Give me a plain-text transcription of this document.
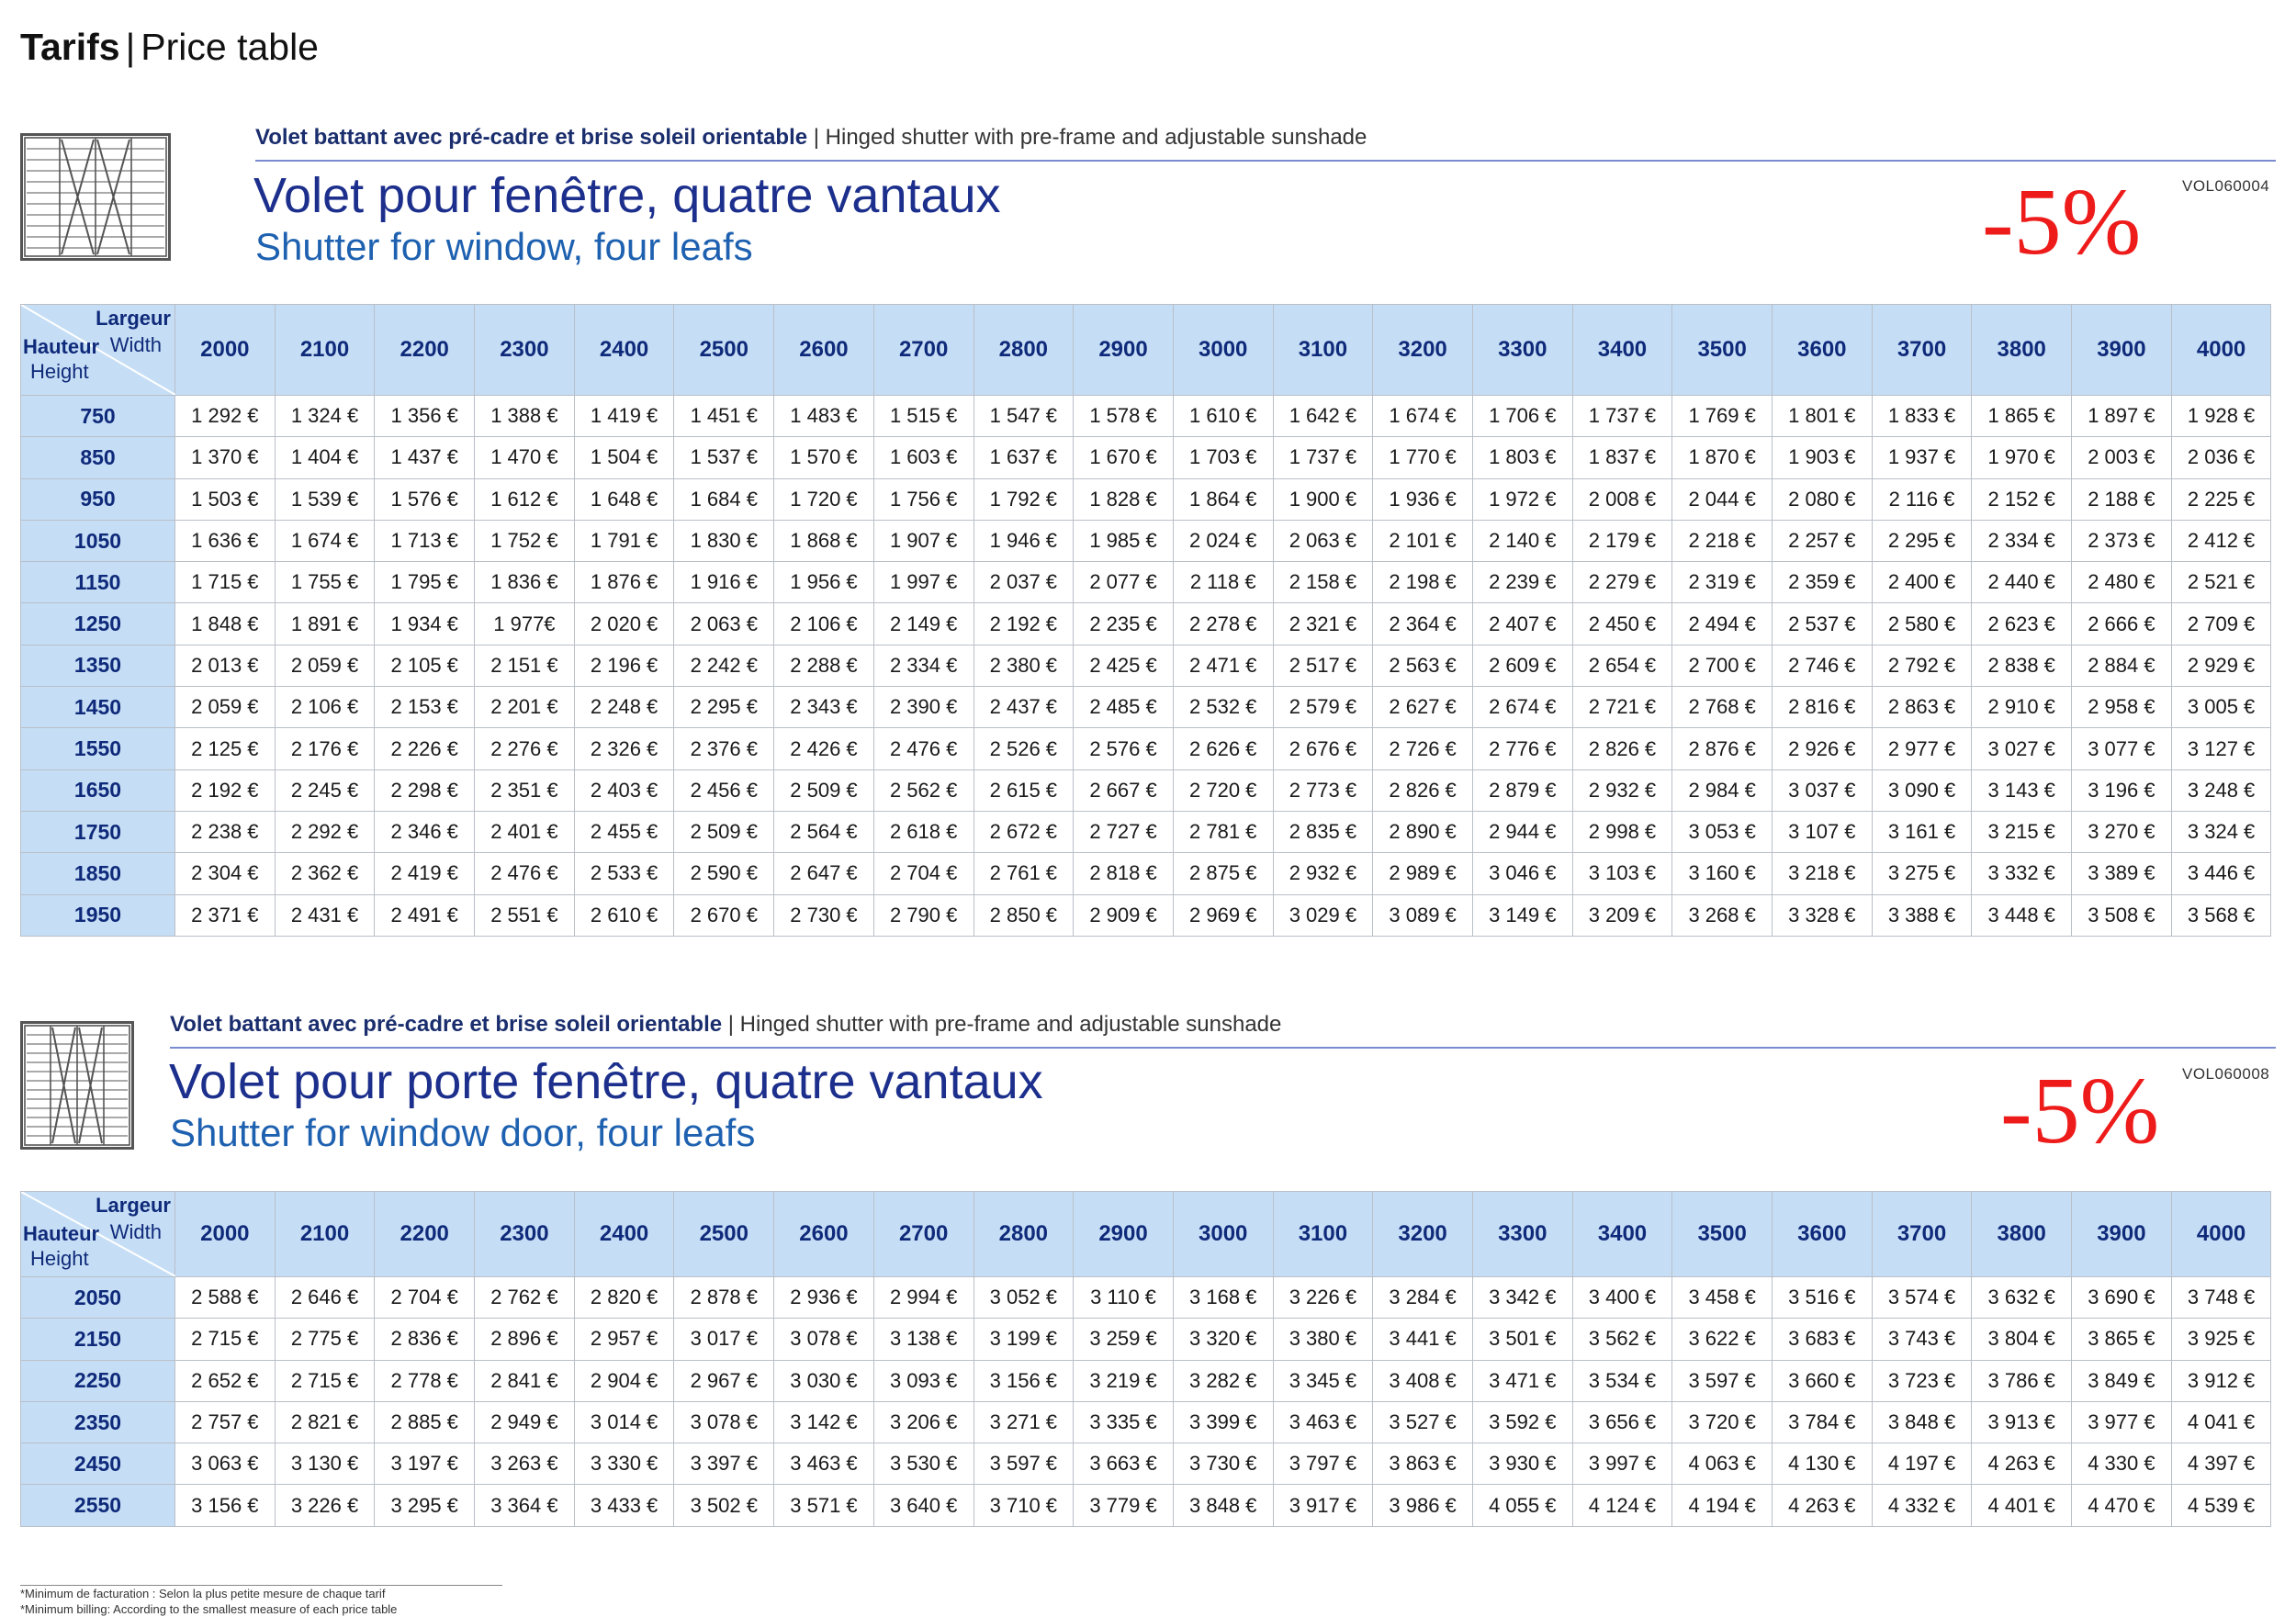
Tarifs | Price table
Volet battant avec pré-cadre et brise soleil orientable | Hinged shutter with pre-frame and adjustable sunshade
Volet pour fenêtre, quatre vantaux
Shutter for window, four leafs
VOL060004
-5%
Largeur
Width
Hauteur
Height	2000	2100	2200	2300	2400	2500	2600	2700	2800	2900	3000	3100	3200	3300	3400	3500	3600	3700	3800	3900	4000
750	1 292 €	1 324 €	1 356 €	1 388 €	1 419 €	1 451 €	1 483 €	1 515 €	1 547 €	1 578 €	1 610 €	1 642 €	1 674 €	1 706 €	1 737 €	1 769 €	1 801 €	1 833 €	1 865 €	1 897 €	1 928 €
850	1 370 €	1 404 €	1 437 €	1 470 €	1 504 €	1 537 €	1 570 €	1 603 €	1 637 €	1 670 €	1 703 €	1 737 €	1 770 €	1 803 €	1 837 €	1 870 €	1 903 €	1 937 €	1 970 €	2 003 €	2 036 €
950	1 503 €	1 539 €	1 576 €	1 612 €	1 648 €	1 684 €	1 720 €	1 756 €	1 792 €	1 828 €	1 864 €	1 900 €	1 936 €	1 972 €	2 008 €	2 044 €	2 080 €	2 116 €	2 152 €	2 188 €	2 225 €
1050	1 636 €	1 674 €	1 713 €	1 752 €	1 791 €	1 830 €	1 868 €	1 907 €	1 946 €	1 985 €	2 024 €	2 063 €	2 101 €	2 140 €	2 179 €	2 218 €	2 257 €	2 295 €	2 334 €	2 373 €	2 412 €
1150	1 715 €	1 755 €	1 795 €	1 836 €	1 876 €	1 916 €	1 956 €	1 997 €	2 037 €	2 077 €	2 118 €	2 158 €	2 198 €	2 239 €	2 279 €	2 319 €	2 359 €	2 400 €	2 440 €	2 480 €	2 521 €
1250	1 848 €	1 891 €	1 934 €	1 977€	2 020 €	2 063 €	2 106 €	2 149 €	2 192 €	2 235 €	2 278 €	2 321 €	2 364 €	2 407 €	2 450 €	2 494 €	2 537 €	2 580 €	2 623 €	2 666 €	2 709 €
1350	2 013 €	2 059 €	2 105 €	2 151 €	2 196 €	2 242 €	2 288 €	2 334 €	2 380 €	2 425 €	2 471 €	2 517 €	2 563 €	2 609 €	2 654 €	2 700 €	2 746 €	2 792 €	2 838 €	2 884 €	2 929 €
1450	2 059 €	2 106 €	2 153 €	2 201 €	2 248 €	2 295 €	2 343 €	2 390 €	2 437 €	2 485 €	2 532 €	2 579 €	2 627 €	2 674 €	2 721 €	2 768 €	2 816 €	2 863 €	2 910 €	2 958 €	3 005 €
1550	2 125 €	2 176 €	2 226 €	2 276 €	2 326 €	2 376 €	2 426 €	2 476 €	2 526 €	2 576 €	2 626 €	2 676 €	2 726 €	2 776 €	2 826 €	2 876 €	2 926 €	2 977 €	3 027 €	3 077 €	3 127 €
1650	2 192 €	2 245 €	2 298 €	2 351 €	2 403 €	2 456 €	2 509 €	2 562 €	2 615 €	2 667 €	2 720 €	2 773 €	2 826 €	2 879 €	2 932 €	2 984 €	3 037 €	3 090 €	3 143 €	3 196 €	3 248 €
1750	2 238 €	2 292 €	2 346 €	2 401 €	2 455 €	2 509 €	2 564 €	2 618 €	2 672 €	2 727 €	2 781 €	2 835 €	2 890 €	2 944 €	2 998 €	3 053 €	3 107 €	3 161 €	3 215 €	3 270 €	3 324 €
1850	2 304 €	2 362 €	2 419 €	2 476 €	2 533 €	2 590 €	2 647 €	2 704 €	2 761 €	2 818 €	2 875 €	2 932 €	2 989 €	3 046 €	3 103 €	3 160 €	3 218 €	3 275 €	3 332 €	3 389 €	3 446 €
1950	2 371 €	2 431 €	2 491 €	2 551 €	2 610 €	2 670 €	2 730 €	2 790 €	2 850 €	2 909 €	2 969 €	3 029 €	3 089 €	3 149 €	3 209 €	3 268 €	3 328 €	3 388 €	3 448 €	3 508 €	3 568 €
Volet battant avec pré-cadre et brise soleil orientable | Hinged shutter with pre-frame and adjustable sunshade
Volet pour porte fenêtre, quatre vantaux
Shutter for window door, four leafs
VOL060008
-5%
Largeur
Width
Hauteur
Height	2000	2100	2200	2300	2400	2500	2600	2700	2800	2900	3000	3100	3200	3300	3400	3500	3600	3700	3800	3900	4000
2050	2 588 €	2 646 €	2 704 €	2 762 €	2 820 €	2 878 €	2 936 €	2 994 €	3 052 €	3 110 €	3 168 €	3 226 €	3 284 €	3 342 €	3 400 €	3 458 €	3 516 €	3 574 €	3 632 €	3 690 €	3 748 €
2150	2 715 €	2 775 €	2 836 €	2 896 €	2 957 €	3 017 €	3 078 €	3 138 €	3 199 €	3 259 €	3 320 €	3 380 €	3 441 €	3 501 €	3 562 €	3 622 €	3 683 €	3 743 €	3 804 €	3 865 €	3 925 €
2250	2 652 €	2 715 €	2 778 €	2 841 €	2 904 €	2 967 €	3 030 €	3 093 €	3 156 €	3 219 €	3 282 €	3 345 €	3 408 €	3 471 €	3 534 €	3 597 €	3 660 €	3 723 €	3 786 €	3 849 €	3 912 €
2350	2 757 €	2 821 €	2 885 €	2 949 €	3 014 €	3 078 €	3 142 €	3 206 €	3 271 €	3 335 €	3 399 €	3 463 €	3 527 €	3 592 €	3 656 €	3 720 €	3 784 €	3 848 €	3 913 €	3 977 €	4 041 €
2450	3 063 €	3 130 €	3 197 €	3 263 €	3 330 €	3 397 €	3 463 €	3 530 €	3 597 €	3 663 €	3 730 €	3 797 €	3 863 €	3 930 €	3 997 €	4 063 €	4 130 €	4 197 €	4 263 €	4 330 €	4 397 €
2550	3 156 €	3 226 €	3 295 €	3 364 €	3 433 €	3 502 €	3 571 €	3 640 €	3 710 €	3 779 €	3 848 €	3 917 €	3 986 €	4 055 €	4 124 €	4 194 €	4 263 €	4 332 €	4 401 €	4 470 €	4 539 €
*Minimum de facturation : Selon la plus petite mesure de chaque tarif
*Minimum billing: According to the smallest measure of each price table
